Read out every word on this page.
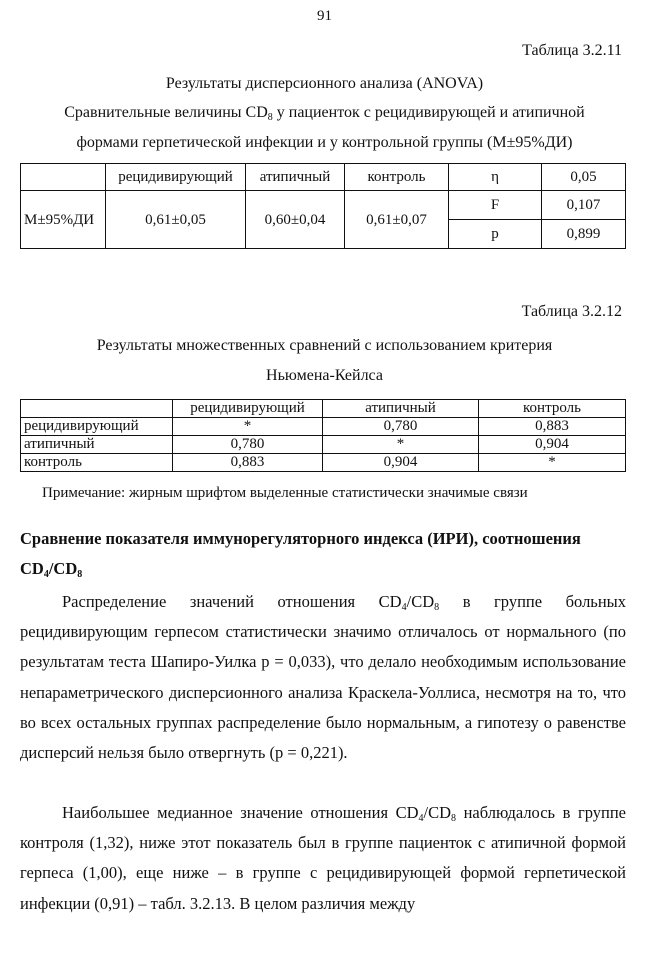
91
Таблица 3.2.11
Результаты дисперсионного анализа (ANOVA)
Сравнительные величины $CD_8$ у пациенток с рецидивирующей и атипичной
формами герпетической инфекции и у контрольной группы (M±95%ДИ)
	рецидивирующий	атипичный	контроль	η	0,05
M±95%ДИ	0,61±0,05	0,60±0,04	0,61±0,07	F	0,107
				p	0,899
Таблица 3.2.12
Результаты множественных сравнений с использованием критерия
Ньюмена-Кейлса
	рецидивирующий	атипичный	контроль
рецидивирующий	*	0,780	0,883
атипичный	0,780	*	0,904
контроль	0,883	0,904	*
Примечание: жирным шрифтом выделенные статистически значимые связи
Сравнение показателя иммунорегуляторного индекса (ИРИ), соотношения $CD_4/CD_8$
Распределение значений отношения $CD_4/CD_8$ в группе больных рецидивирующим герпесом статистически значимо отличалось от нормального (по результатам теста Шапиро-Уилка p = 0,033), что делало необходимым использование непараметрического дисперсионного анализа Краскела-Уоллиса, несмотря на то, что во всех остальных группах распределение было нормальным, а гипотезу о равенстве дисперсий нельзя было отвергнуть (p = 0,221).
Наибольшее медианное значение отношения $CD_4/CD_8$ наблюдалось в группе контроля (1,32), ниже этот показатель был в группе пациенток с атипичной формой герпеса (1,00), еще ниже – в группе с рецидивирующей формой герпетической инфекции (0,91) – табл. 3.2.13. В целом различия между
